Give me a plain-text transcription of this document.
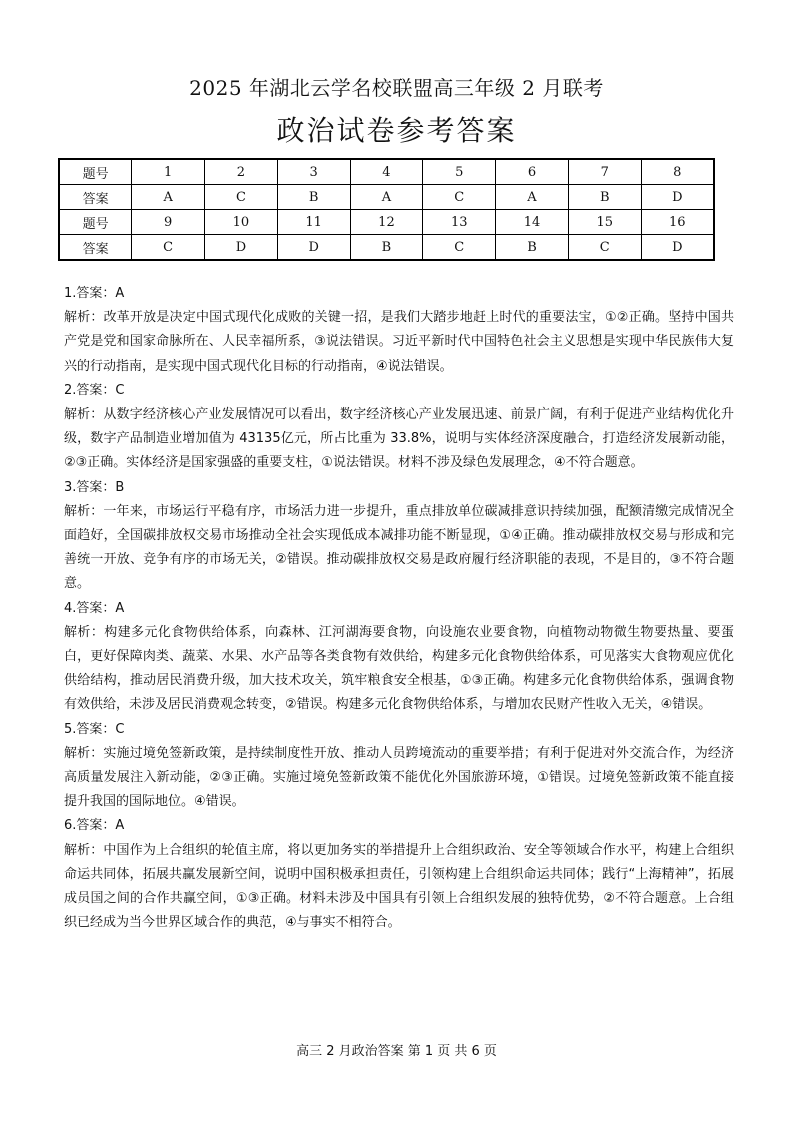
2025 年湖北云学名校联盟高三年级 2 月联考
政治试卷参考答案
题号	1	2	3	4	5	6	7	8
答案	A	C	B	A	C	A	B	D
题号	9	10	11	12	13	14	15	16
答案	C	D	D	B	C	B	C	D

1.答案：A

解析：改革开放是决定中国式现代化成败的关键一招，是我们大踏步地赶上时代的重要法宝，①②正确。坚持中国共产党是党和国家命脉所在、人民幸福所系，③说法错误。习近平新时代中国特色社会主义思想是实现中华民族伟大复兴的行动指南，是实现中国式现代化目标的行动指南，④说法错误。

2.答案：C

解析：从数字经济核心产业发展情况可以看出，数字经济核心产业发展迅速、前景广阔，有利于促进产业结构优化升级，数字产品制造业增加值为 43135亿元，所占比重为 33.8%，说明与实体经济深度融合，打造经济发展新动能，②③正确。实体经济是国家强盛的重要支柱，①说法错误。材料不涉及绿色发展理念，④不符合题意。

3.答案：B

解析：一年来，市场运行平稳有序，市场活力进一步提升，重点排放单位碳减排意识持续加强，配额清缴完成情况全面趋好，全国碳排放权交易市场推动全社会实现低成本减排功能不断显现，①④正确。推动碳排放权交易与形成和完善统一开放、竞争有序的市场无关，②错误。推动碳排放权交易是政府履行经济职能的表现，不是目的，③不符合题意。

4.答案：A

解析：构建多元化食物供给体系，向森林、江河湖海要食物，向设施农业要食物，向植物动物微生物要热量、要蛋白，更好保障肉类、蔬菜、水果、水产品等各类食物有效供给，构建多元化食物供给体系，可见落实大食物观应优化供给结构，推动居民消费升级，加大技术攻关，筑牢粮食安全根基，①③正确。构建多元化食物供给体系，强调食物有效供给，未涉及居民消费观念转变，②错误。构建多元化食物供给体系，与增加农民财产性收入无关，④错误。

5.答案：C

解析：实施过境免签新政策，是持续制度性开放、推动人员跨境流动的重要举措；有利于促进对外交流合作，为经济高质量发展注入新动能，②③正确。实施过境免签新政策不能优化外国旅游环境，①错误。过境免签新政策不能直接提升我国的国际地位。④错误。

6.答案：A

解析：中国作为上合组织的轮值主席，将以更加务实的举措提升上合组织政治、安全等领域合作水平，构建上合组织命运共同体，拓展共赢发展新空间，说明中国积极承担责任，引领构建上合组织命运共同体；践行“上海精神”，拓展成员国之间的合作共赢空间，①③正确。材料未涉及中国具有引领上合组织发展的独特优势，②不符合题意。上合组织已经成为当今世界区域合作的典范，④与事实不相符合。

高三 2 月政治答案 第 1 页 共 6 页
